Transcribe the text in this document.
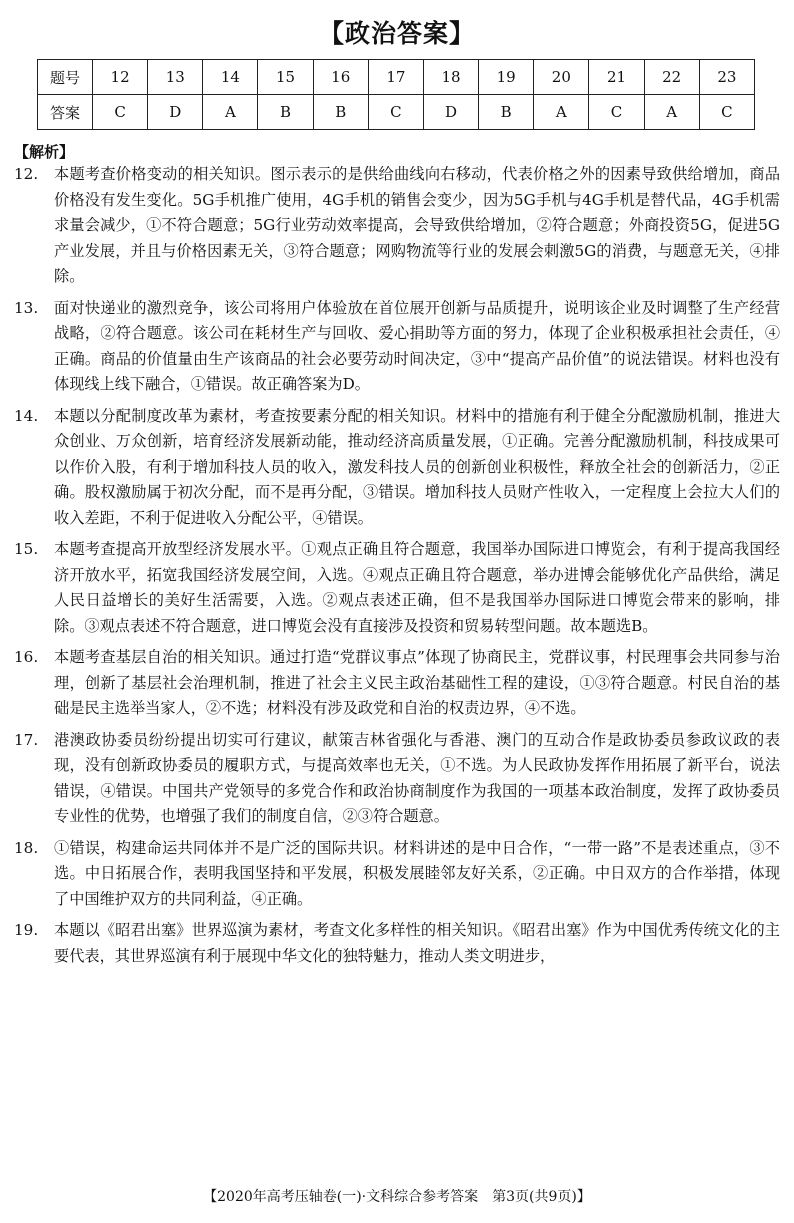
【政治答案】
题号	12	13	14	15	16	17	18	19	20	21	22	23
答案	C	D	A	B	B	C	D	B	A	C	A	C
【解析】
12.	本题考查价格变动的相关知识。图示表示的是供给曲线向右移动，代表价格之外的因素导致供给增加，商品价格没有发生变化。5G手机推广使用，4G手机的销售会变少，因为5G手机与4G手机是替代品，4G手机需求量会减少，①不符合题意；5G行业劳动效率提高，会导致供给增加，②符合题意；外商投资5G，促进5G产业发展，并且与价格因素无关，③符合题意；网购物流等行业的发展会刺激5G的消费，与题意无关，④排除。
13.	面对快递业的激烈竞争，该公司将用户体验放在首位展开创新与品质提升，说明该企业及时调整了生产经营战略，②符合题意。该公司在耗材生产与回收、爱心捐助等方面的努力，体现了企业积极承担社会责任，④正确。商品的价值量由生产该商品的社会必要劳动时间决定，③中“提高产品价值”的说法错误。材料也没有体现线上线下融合，①错误。故正确答案为D。
14.	本题以分配制度改革为素材，考查按要素分配的相关知识。材料中的措施有利于健全分配激励机制，推进大众创业、万众创新，培育经济发展新动能，推动经济高质量发展，①正确。完善分配激励机制，科技成果可以作价入股，有利于增加科技人员的收入，激发科技人员的创新创业积极性，释放全社会的创新活力，②正确。股权激励属于初次分配，而不是再分配，③错误。增加科技人员财产性收入，一定程度上会拉大人们的收入差距，不利于促进收入分配公平，④错误。
15.	本题考查提高开放型经济发展水平。①观点正确且符合题意，我国举办国际进口博览会，有利于提高我国经济开放水平，拓宽我国经济发展空间，入选。④观点正确且符合题意，举办进博会能够优化产品供给，满足人民日益增长的美好生活需要，入选。②观点表述正确，但不是我国举办国际进口博览会带来的影响，排除。③观点表述不符合题意，进口博览会没有直接涉及投资和贸易转型问题。故本题选B。
16.	本题考查基层自治的相关知识。通过打造“党群议事点”体现了协商民主，党群议事，村民理事会共同参与治理，创新了基层社会治理机制，推进了社会主义民主政治基础性工程的建设，①③符合题意。村民自治的基础是民主选举当家人，②不选；材料没有涉及政党和自治的权责边界，④不选。
17.	港澳政协委员纷纷提出切实可行建议，献策吉林省强化与香港、澳门的互动合作是政协委员参政议政的表现，没有创新政协委员的履职方式，与提高效率也无关，①不选。为人民政协发挥作用拓展了新平台，说法错误，④错误。中国共产党领导的多党合作和政治协商制度作为我国的一项基本政治制度，发挥了政协委员专业性的优势，也增强了我们的制度自信，②③符合题意。
18.	①错误，构建命运共同体并不是广泛的国际共识。材料讲述的是中日合作，“一带一路”不是表述重点，③不选。中日拓展合作，表明我国坚持和平发展，积极发展睦邻友好关系，②正确。中日双方的合作举措，体现了中国维护双方的共同利益，④正确。
19.	本题以《昭君出塞》世界巡演为素材，考查文化多样性的相关知识。《昭君出塞》作为中国优秀传统文化的主要代表，其世界巡演有利于展现中华文化的独特魅力，推动人类文明进步，
【2020年高考压轴卷(一)·文科综合参考答案　第3页(共9页)】
